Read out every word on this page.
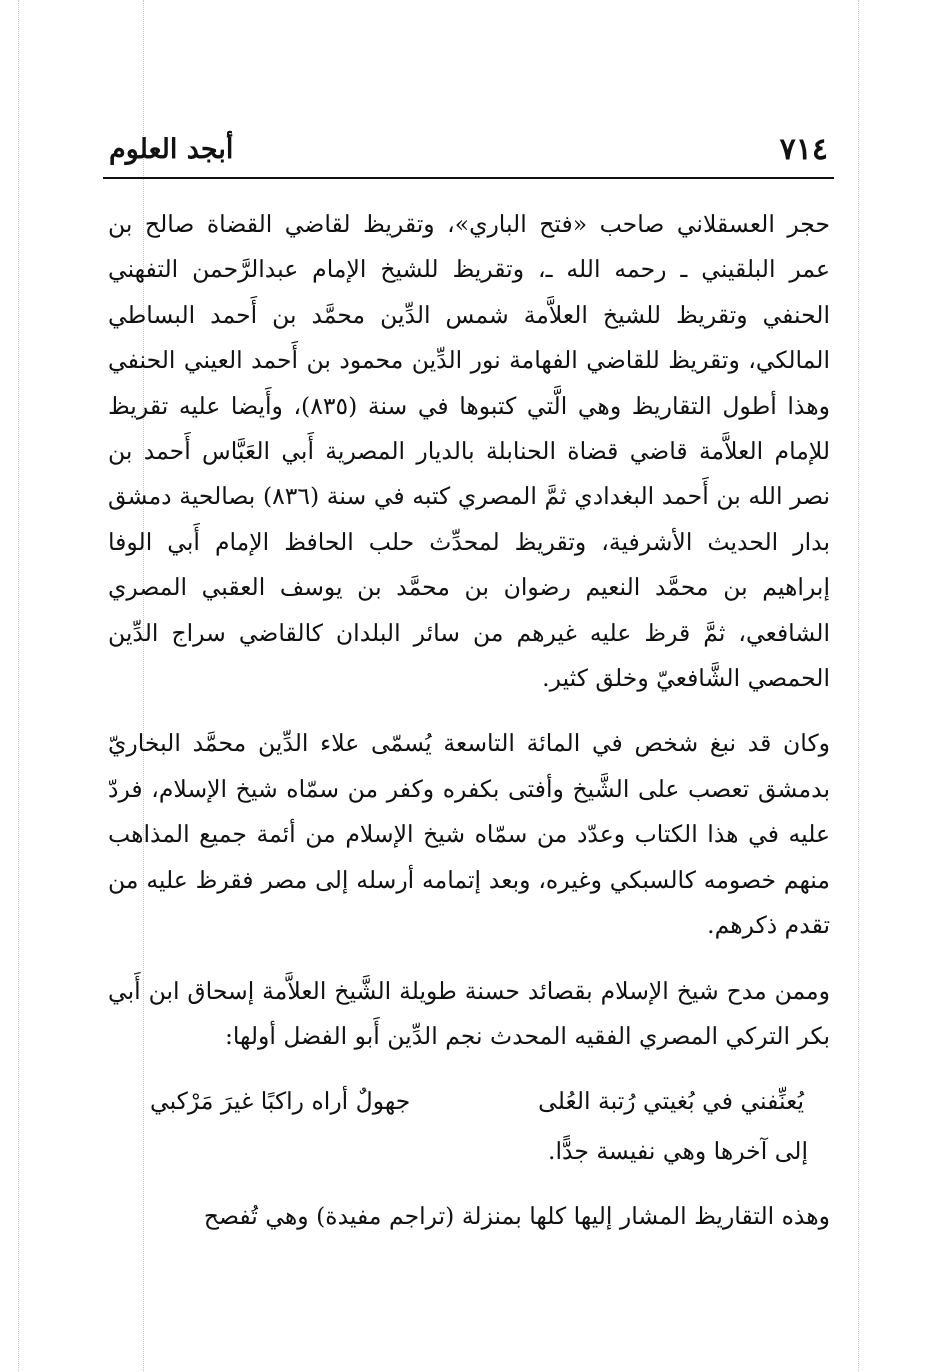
٧١٤
أبجد العلوم

حجر العسقلاني صاحب «فتح الباري»، وتقريظ لقاضي القضاة صالح بن عمر البلقيني ـ رحمه الله ـ، وتقريظ للشيخ الإمام عبدالرَّحمن التفهني الحنفي وتقريظ للشيخ العلاَّمة شمس الدِّين محمَّد بن أَحمد البساطي المالكي، وتقريظ للقاضي الفهامة نور الدِّين محمود بن أَحمد العيني الحنفي وهذا أطول التقاريظ وهي الَّتي كتبوها في سنة (٨٣٥)، وأَيضا عليه تقريظ للإمام العلاَّمة قاضي قضاة الحنابلة بالديار المصرية أَبي العَبَّاس أَحمد بن نصر الله بن أَحمد البغدادي ثمَّ المصري كتبه في سنة (٨٣٦) بصالحية دمشق بدار الحديث الأشرفية، وتقريظ لمحدِّث حلب الحافظ الإمام أَبي الوفا إبراهيم بن محمَّد النعيم رضوان بن محمَّد بن يوسف العقبي المصري الشافعي، ثمَّ قرظ عليه غيرهم من سائر البلدان كالقاضي سراج الدِّين الحمصي الشَّافعيّ وخلق كثير.

وكان قد نبغ شخص في المائة التاسعة يُسمّى علاء الدِّين محمَّد البخاريّ بدمشق تعصب على الشَّيخ وأفتى بكفره وكفر من سمّاه شيخ الإسلام، فردّ عليه في هذا الكتاب وعدّد من سمّاه شيخ الإسلام من أئمة جميع المذاهب منهم خصومه كالسبكي وغيره، وبعد إتمامه أرسله إلى مصر فقرظ عليه من تقدم ذكرهم.

وممن مدح شيخ الإسلام بقصائد حسنة طويلة الشَّيخ العلاَّمة إسحاق ابن أَبي بكر التركي المصري الفقيه المحدث نجم الدِّين أَبو الفضل أولها:

يُعنِّفني في بُغيتي رُتبة العُلى
جهولٌ أراه راكبًا غيرَ مَرْكبي

إلى آخرها وهي نفيسة جدًّا.

وهذه التقاريظ المشار إليها كلها بمنزلة (تراجم مفيدة) وهي تُفصح
